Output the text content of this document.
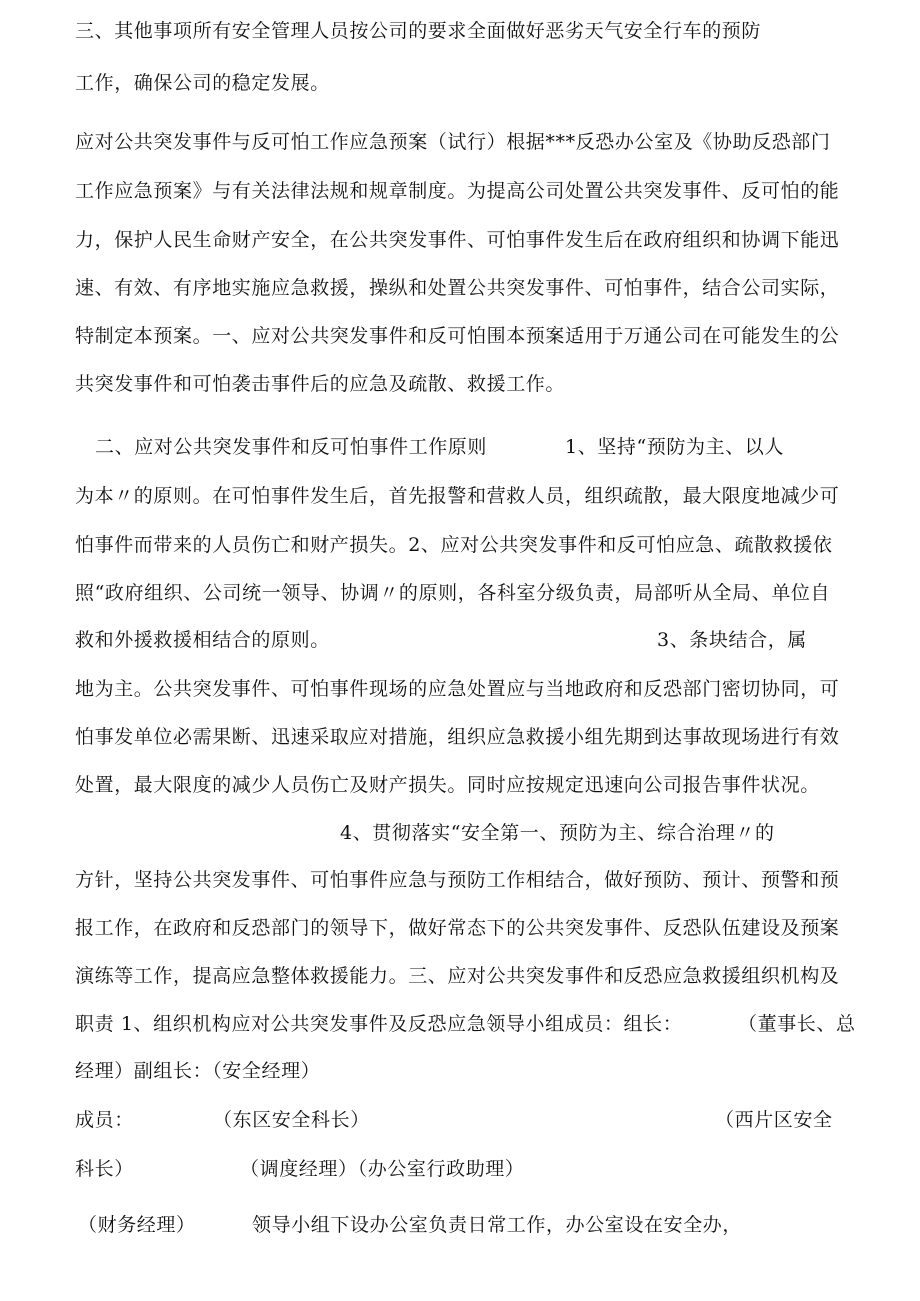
三、其他事项所有安全管理人员按公司的要求全面做好恶劣天气安全行车的预防
工作，确保公司的稳定发展。
应对公共突发事件与反可怕工作应急预案（试行）根据***反恐办公室及《协助反恐部门
工作应急预案》与有关法律法规和规章制度。为提高公司处置公共突发事件、反可怕的能
力，保护人民生命财产安全，在公共突发事件、可怕事件发生后在政府组织和协调下能迅
速、有效、有序地实施应急救援，操纵和处置公共突发事件、可怕事件，结合公司实际，
特制定本预案。一、应对公共突发事件和反可怕围本预案适用于万通公司在可能发生的公
共突发事件和可怕袭击事件后的应急及疏散、救援工作。
二、应对公共突发事件和反可怕事件工作原则	1、坚持“预防为主、以人
为本〃的原则。在可怕事件发生后，首先报警和营救人员，组织疏散，最大限度地减少可
怕事件而带来的人员伤亡和财产损失。2、应对公共突发事件和反可怕应急、疏散救援依
照“政府组织、公司统一领导、协调〃的原则，各科室分级负责，局部听从全局、单位自
救和外援救援相结合的原则。	3、条块结合，属
地为主。公共突发事件、可怕事件现场的应急处置应与当地政府和反恐部门密切协同，可
怕事发单位必需果断、迅速采取应对措施，组织应急救援小组先期到达事故现场进行有效
处置，最大限度的减少人员伤亡及财产损失。同时应按规定迅速向公司报告事件状况。
4、贯彻落实“安全第一、预防为主、综合治理〃的
方针，坚持公共突发事件、可怕事件应急与预防工作相结合，做好预防、预计、预警和预
报工作，在政府和反恐部门的领导下，做好常态下的公共突发事件、反恐队伍建设及预案
演练等工作，提高应急整体救援能力。三、应对公共突发事件和反恐应急救援组织机构及
职责 1、组织机构应对公共突发事件及反恐应急领导小组成员：组长：	（董事长、总
经理）副组长：（安全经理）
成员：	（东区安全科长）	（西片区安全
科长）	（调度经理）（办公室行政助理）
（财务经理）	领导小组下设办公室负责日常工作，办公室设在安全办，
